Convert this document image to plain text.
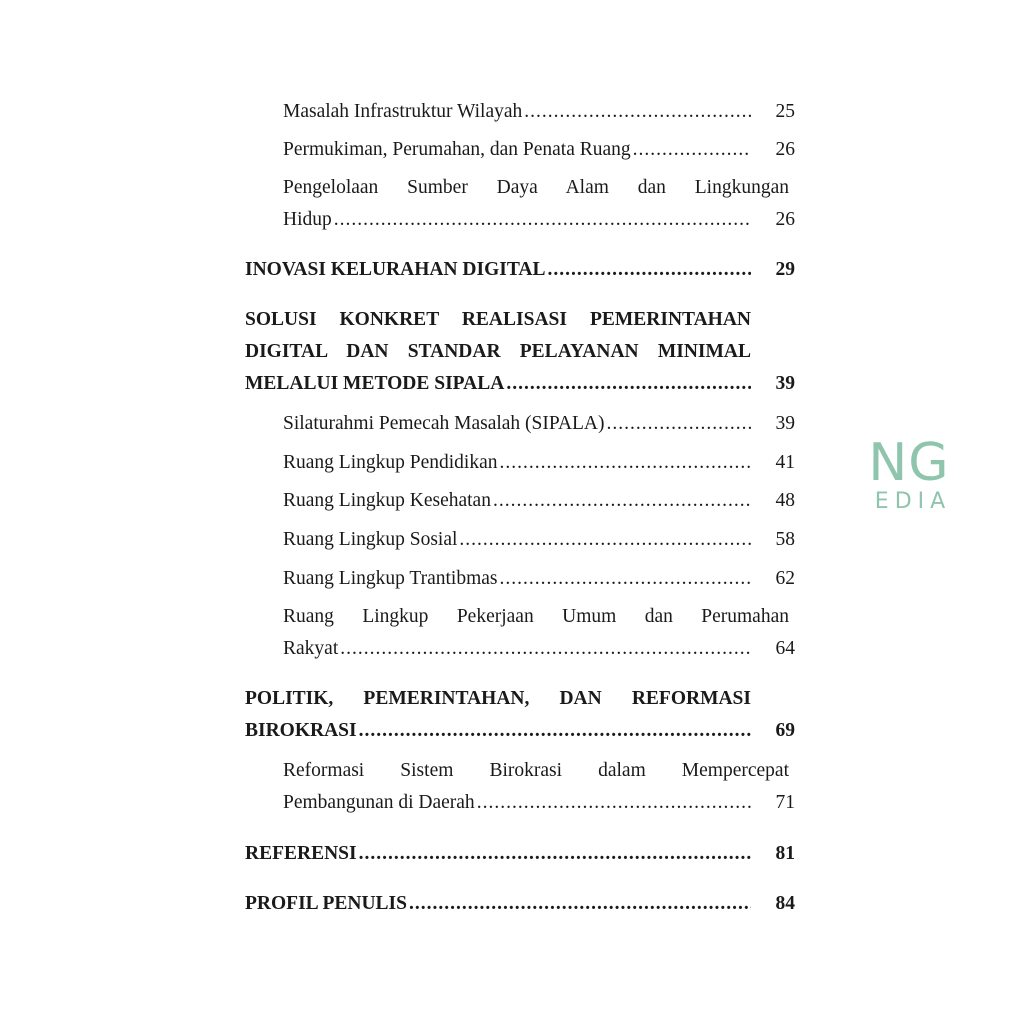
Masalah Infrastruktur Wilayah .....	25
Permukiman, Perumahan, dan Penata Ruang .....	26
Pengelolaan Sumber Daya Alam dan Lingkungan
Hidup .....	26
INOVASI KELURAHAN DIGITAL .....	29
SOLUSI KONKRET REALISASI PEMERINTAHAN
DIGITAL DAN STANDAR PELAYANAN MINIMAL
MELALUI METODE SIPALA .....	39
Silaturahmi Pemecah Masalah (SIPALA) .....	39
Ruang Lingkup Pendidikan .....	41
Ruang Lingkup Kesehatan .....	48
Ruang Lingkup Sosial .....	58
Ruang Lingkup Trantibmas .....	62
Ruang Lingkup Pekerjaan Umum dan Perumahan
Rakyat .....	64
POLITIK, PEMERINTAHAN, DAN REFORMASI
BIROKRASI .....	69
Reformasi Sistem Birokrasi dalam Mempercepat
Pembangunan di Daerah .....	71
REFERENSI .....	81
PROFIL PENULIS .....	84
NG
EDIA
